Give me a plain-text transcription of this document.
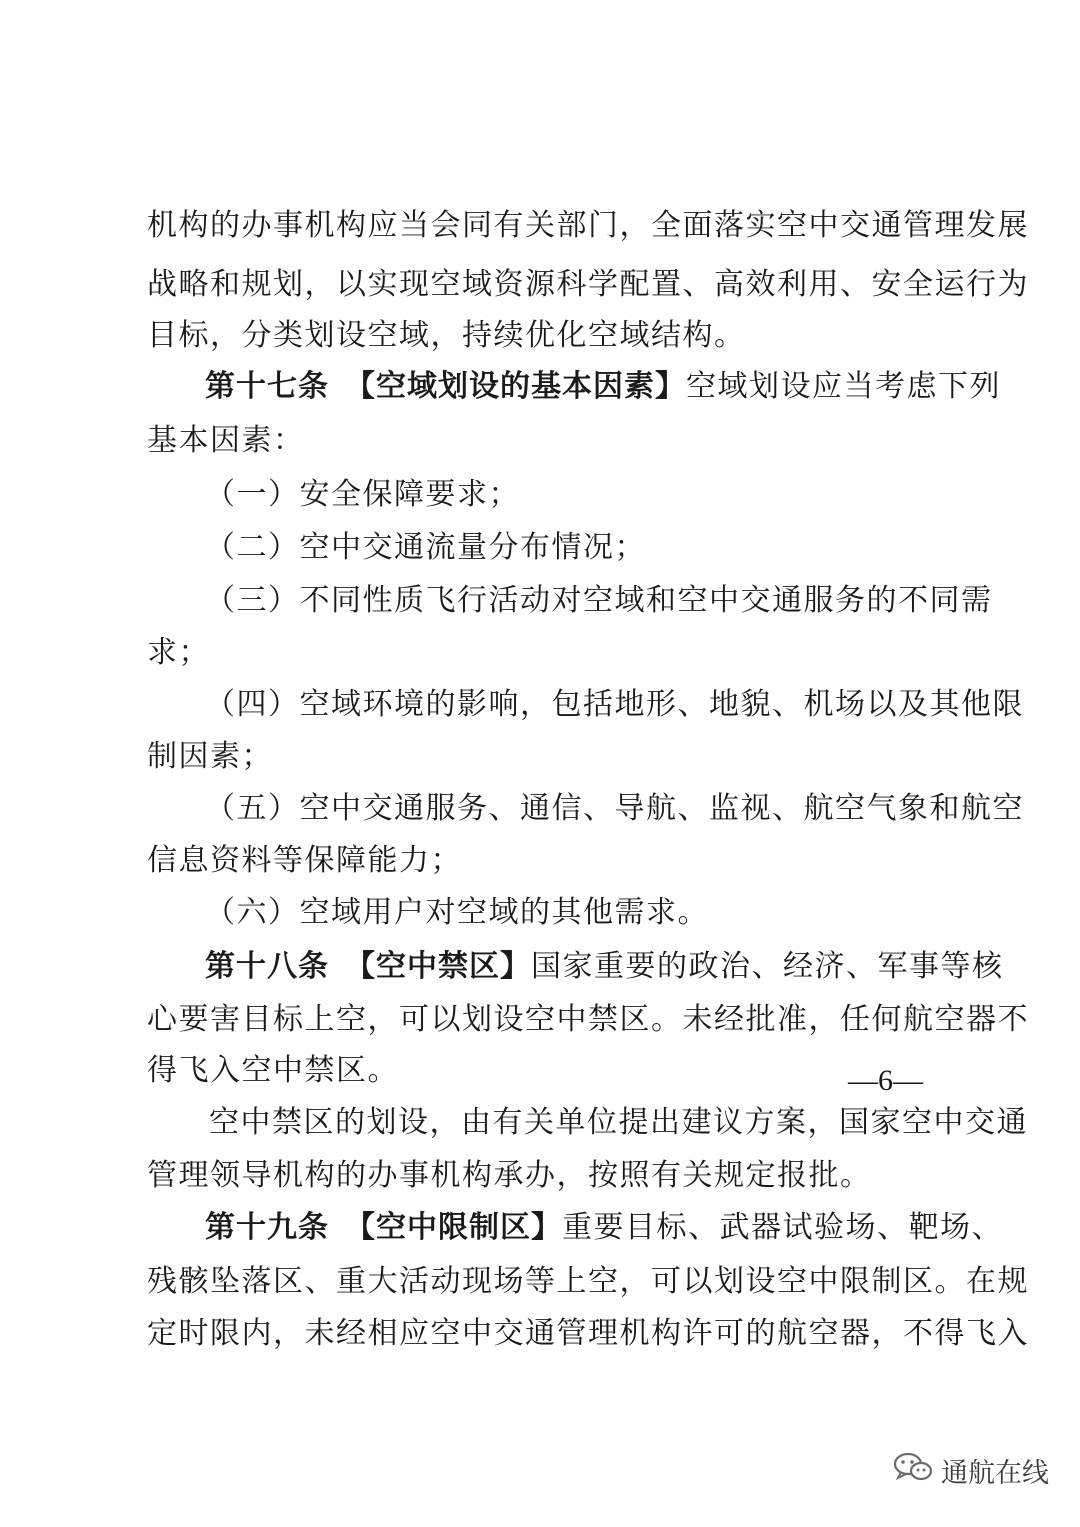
机构的办事机构应当会同有关部门，全面落实空中交通管理发展
战略和规划，以实现空域资源科学配置、高效利用、安全运行为
目标，分类划设空域，持续优化空域结构。
第十七条　【空域划设的基本因素】空域划设应当考虑下列
基本因素：
（一）安全保障要求；
（二）空中交通流量分布情况；
（三）不同性质飞行活动对空域和空中交通服务的不同需
求；
（四）空域环境的影响，包括地形、地貌、机场以及其他限
制因素；
（五）空中交通服务、通信、导航、监视、航空气象和航空
信息资料等保障能力；
（六）空域用户对空域的其他需求。
第十八条　【空中禁区】国家重要的政治、经济、军事等核
心要害目标上空，可以划设空中禁区。未经批准，任何航空器不
得飞入空中禁区。
空中禁区的划设，由有关单位提出建议方案，国家空中交通
管理领导机构的办事机构承办，按照有关规定报批。
第十九条　【空中限制区】重要目标、武器试验场、靶场、
残骸坠落区、重大活动现场等上空，可以划设空中限制区。在规
定时限内，未经相应空中交通管理机构许可的航空器，不得飞入
—6—
通航在线
